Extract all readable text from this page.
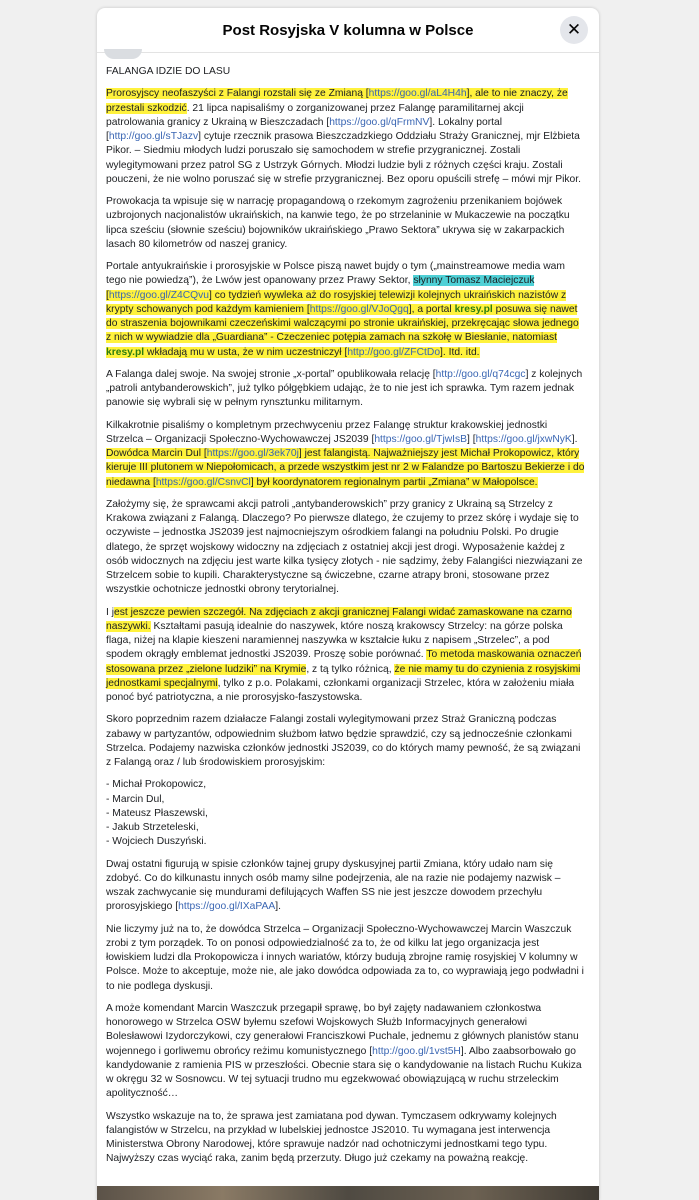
Post Rosyjska V kolumna w Polsce	✕

FALANGA IDZIE DO LASU

Prorosyjscy neofaszyści z Falangi rozstali się ze Zmianą [https://goo.gl/aL4H4h], ale to nie znaczy, że przestali szkodzić. 21 lipca napisaliśmy o zorganizowanej przez Falangę paramilitarnej akcji patrolowania granicy z Ukrainą w Bieszczadach [https://goo.gl/qFrmNV]. Lokalny portal [http://goo.gl/sTJazv] cytuje rzecznik prasowa Bieszczadzkiego Oddziału Straży Granicznej, mjr Elżbieta Pikor. – Siedmiu młodych ludzi poruszało się samochodem w strefie przygranicznej. Zostali wylegitymowani przez patrol SG z Ustrzyk Górnych. Młodzi ludzie byli z różnych części kraju. Zostali pouczeni, że nie wolno poruszać się w strefie przygranicznej. Bez oporu opuścili strefę – mówi mjr Pikor.

Prowokacja ta wpisuje się w narrację propagandową o rzekomym zagrożeniu przenikaniem bojówek uzbrojonych nacjonalistów ukraińskich, na kanwie tego, że po strzelaninie w Mukaczewie na początku lipca sześciu (słownie sześciu) bojowników ukraińskiego „Prawo Sektora” ukrywa się w zakarpackich lasach 80 kilometrów od naszej granicy.

Portale antyukraińskie i prorosyjskie w Polsce piszą nawet bujdy o tym („mainstreamowe media wam tego nie powiedzą”), że Lwów jest opanowany przez Prawy Sektor, słynny Tomasz Maciejczuk [https://goo.gl/Z4CQvu] co tydzień wywleka aż do rosyjskiej telewizji kolejnych ukraińskich nazistów z krypty schowanych pod każdym kamieniem [https://goo.gl/VJoQgq], a portal kresy.pl posuwa się nawet do straszenia bojownikami czeczeńskimi walczącymi po stronie ukraińskiej, przekręcając słowa jednego z nich w wywiadzie dla „Guardiana” - Czeczeniec potępia zamach na szkołę w Biesłanie, natomiast kresy.pl wkładają mu w usta, że w nim uczestniczył [http://goo.gl/ZFCtDo]. Itd. itd.

A Falanga dalej swoje. Na swojej stronie „x-portal” opublikowała relację [http://goo.gl/q74cgc] z kolejnych „patroli antybanderowskich”, już tylko półgębkiem udając, że to nie jest ich sprawka. Tym razem jednak panowie się wybrali się w pełnym rynsztunku militarnym.

Kilkakrotnie pisaliśmy o kompletnym przechwyceniu przez Falangę struktur krakowskiej jednostki Strzelca – Organizacji Społeczno-Wychowawczej JS2039 [https://goo.gl/TjwIsB] [https://goo.gl/jxwNyK]. Dowódca Marcin Dul [https://goo.gl/3ek70j] jest falangistą. Najważniejszy jest Michał Prokopowicz, który kieruje III plutonem w Niepołomicach, a przede wszystkim jest nr 2 w Falandze po Bartoszu Bekierze i do niedawna [https://goo.gl/CsnvCl] był koordynatorem regionalnym partii „Zmiana” w Małopolsce.

Założymy się, że sprawcami akcji patroli „antybanderowskich” przy granicy z Ukrainą są Strzelcy z Krakowa związani z Falangą. Dlaczego? Po pierwsze dlatego, że czujemy to przez skórę i wydaje się to oczywiste – jednostka JS2039 jest najmocniejszym ośrodkiem falangi na południu Polski. Po drugie dlatego, że sprzęt wojskowy widoczny na zdjęciach z ostatniej akcji jest drogi. Wyposażenie każdej z osób widocznych na zdjęciu jest warte kilka tysięcy złotych - nie sądzimy, żeby Falangiści niezwiązani ze Strzelcem sobie to kupili. Charakterystyczne są ćwiczebne, czarne atrapy broni, stosowane przez wszystkie ochotnicze jednostki obrony terytorialnej.

I jest jeszcze pewien szczegół. Na zdjęciach z akcji granicznej Falangi widać zamaskowane na czarno naszywki. Kształtami pasują idealnie do naszywek, które noszą krakowscy Strzelcy: na górze polska flaga, niżej na klapie kieszeni naramiennej naszywka w kształcie łuku z napisem „Strzelec”, a pod spodem okrągły emblemat jednostki JS2039. Proszę sobie porównać. To metoda maskowania oznaczeń stosowana przez „zielone ludziki” na Krymie, z tą tylko różnicą, że nie mamy tu do czynienia z rosyjskimi jednostkami specjalnymi, tylko z p.o. Polakami, członkami organizacji Strzelec, która w założeniu miała ponoć być patriotyczna, a nie prorosyjsko-faszystowska.

Skoro poprzednim razem działacze Falangi zostali wylegitymowani przez Straż Graniczną podczas zabawy w partyzantów, odpowiednim służbom łatwo będzie sprawdzić, czy są jednocześnie członkami Strzelca. Podajemy nazwiska członków jednostki JS2039, co do których mamy pewność, że są związani z Falangą oraz / lub środowiskiem prorosyjskim:

- Michał Prokopowicz,
- Marcin Dul,
- Mateusz Płaszewski,
- Jakub Strzeteleski,
- Wojciech Duszyński.

Dwaj ostatni figurują w spisie członków tajnej grupy dyskusyjnej partii Zmiana, który udało nam się zdobyć. Co do kilkunastu innych osób mamy silne podejrzenia, ale na razie nie podajemy nazwisk – wszak zachwycanie się mundurami defilujących Waffen SS nie jest jeszcze dowodem przechyłu prorosyjskiego [https://goo.gl/IXaPAA].

Nie liczymy już na to, że dowódca Strzelca – Organizacji Społeczno-Wychowawczej Marcin Waszczuk zrobi z tym porządek. To on ponosi odpowiedzialność za to, że od kilku lat jego organizacja jest łowiskiem ludzi dla Prokopowicza i innych wariatów, którzy budują zbrojne ramię rosyjskiej V kolumny w Polsce. Może to akceptuje, może nie, ale jako dowódca odpowiada za to, co wyprawiają jego podwładni i to nie podlega dyskusji.

A może komendant Marcin Waszczuk przegapił sprawę, bo był zajęty nadawaniem członkostwa honorowego w Strzelca OSW byłemu szefowi Wojskowych Służb Informacyjnych generałowi Bolesławowi Izydorczykowi, czy generałowi Franciszkowi Puchale, jednemu z głównych planistów stanu wojennego i gorliwemu obrońcy reżimu komunistycznego [http://goo.gl/1vst5H]. Albo zaabsorbowało go kandydowanie z ramienia PIS w przeszłości. Obecnie stara się o kandydowanie na listach Ruchu Kukiza w okręgu 32 w Sosnowcu. W tej sytuacji trudno mu egzekwować obowiązującą w ruchu strzeleckim apolityczność…

Wszystko wskazuje na to, że sprawa jest zamiatana pod dywan. Tymczasem odkrywamy kolejnych falangistów w Strzelcu, na przykład w lubelskiej jednostce JS2010. Tu wymagana jest interwencja Ministerstwa Obrony Narodowej, które sprawuje nadzór nad ochotniczymi jednostkami tego typu. Najwyższy czas wyciąć raka, zanim będą przerzuty. Długo już czekamy na poważną reakcję.
